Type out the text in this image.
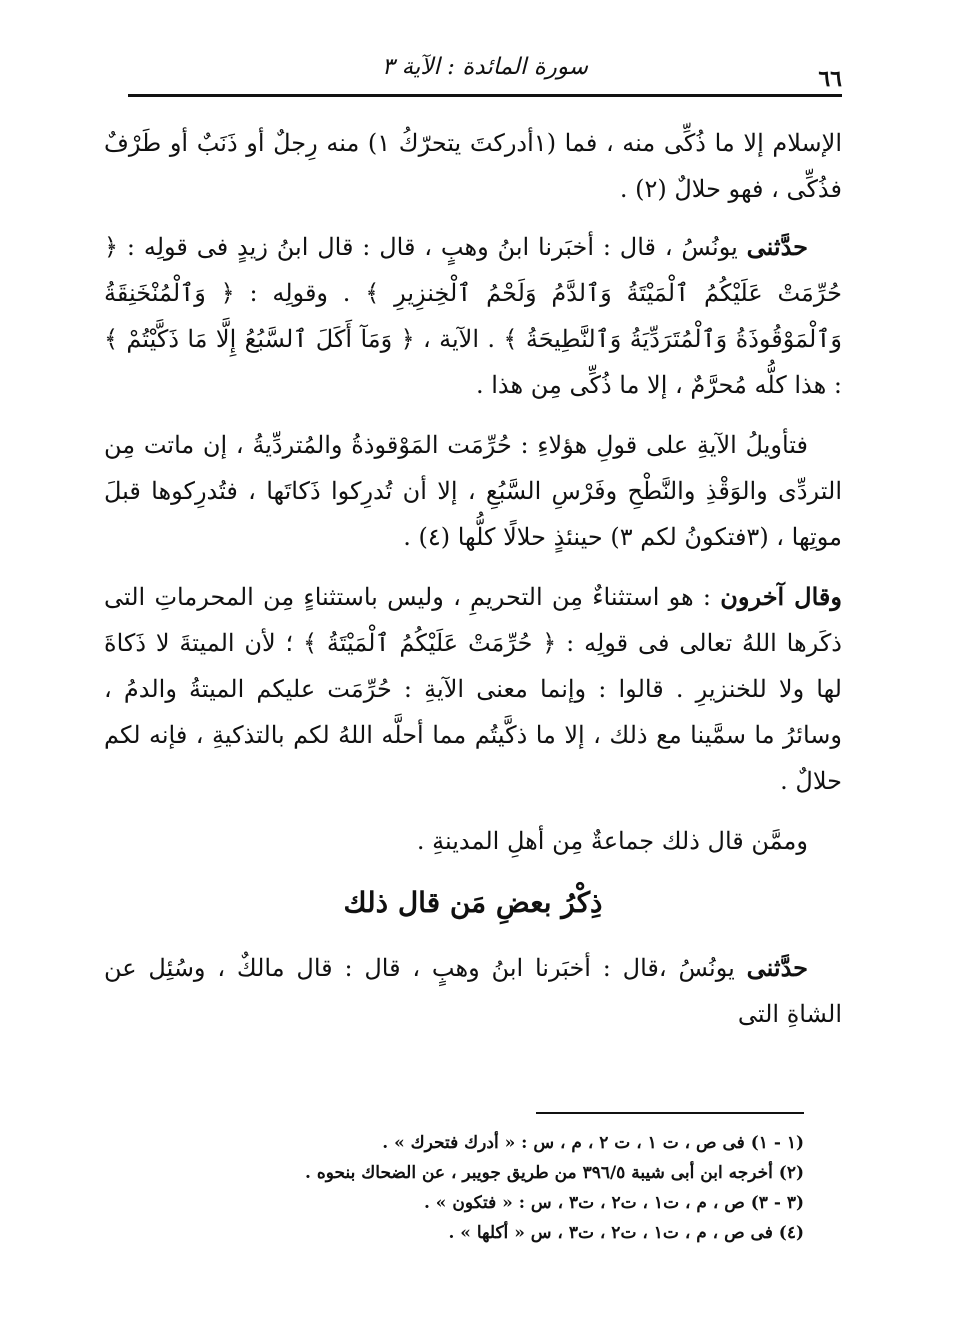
سورة المائدة : الآية ٣	٦٦

الإسلام إلا ما ذُكِّى منه ، فما (١أدركتَ يتحرّكُ ١) منه رِجلٌ أو ذَنَبٌ أو طَرْفٌ فذُكِّى ، فهو حلالٌ (٢) .

حدَّثنى يونُسُ ، قال : أخبَرنا ابنُ وهبٍ ، قال : قال ابنُ زيدٍ فى قولِه : ﴿ حُرِّمَتْ عَلَيْكُمُ ٱلْمَيْتَةُ وَٱلدَّمُ وَلَحْمُ ٱلْخِنزِيرِ ﴾ . وقولِه : ﴿ وَٱلْمُنْخَنِقَةُ وَٱلْمَوْقُوذَةُ وَٱلْمُتَرَدِّيَةُ وَٱلنَّطِيحَةُ ﴾ . الآية ، ﴿ وَمَآ أَكَلَ ٱلسَّبُعُ إِلَّا مَا ذَكَّيْتُمْ ﴾ : هذا كلُّه مُحرَّمٌ ، إلا ما ذُكِّى مِن هذا .

فتأويلُ الآيةِ على قولِ هؤلاءِ : حُرِّمَت المَوْقوذةُ والمُتردِّيةُ ، إن ماتت مِن التردِّى والوَقْذِ والنَّطْحِ وفَرْسِ السَّبُعِ ، إلا أن تُدرِكوا ذَكاتَها ، فتُدرِكوها قبلَ موتِها ، (٣فتكونُ لكم ٣) حينئذٍ حلالًا كلُّها (٤) .

وقال آخرون : هو استثناءٌ مِن التحريمِ ، وليس باستثناءٍ مِن المحرماتِ التى ذكَرها اللهُ تعالى فى قولِه : ﴿ حُرِّمَتْ عَلَيْكُمُ ٱلْمَيْتَةُ ﴾ ؛ لأن الميتةَ لا ذَكاةَ لها ولا للخنزيرِ . قالوا : وإنما معنى الآيةِ : حُرِّمَت عليكم الميتةُ والدمُ ، وسائرُ ما سمَّينا مع ذلك ، إلا ما ذكَّيتُم مما أحلَّه اللهُ لكم بالتذكيةِ ، فإنه لكم حلالٌ .

وممَّن قال ذلك جماعةٌ مِن أهلِ المدينةِ .

ذِكْرُ بعضِ مَن قال ذلك

حدَّثنى يونُسُ ،قال : أخبَرنا ابنُ وهبٍ ، قال : قال مالكٌ ، وسُئِل عن الشاةِ التى

(١ - ١) فى ص ، ت ١ ، ت ٢ ، م ، س : « أدرك فتحرك » .
(٢) أخرجه ابن أبى شيبة ٣٩٦/٥ من طريق جويبر ، عن الضحاك بنحوه .
(٣ - ٣) ص ، م ، ت١ ، ت٢ ، ت٣ ، س : « فتكون » .
(٤) فى ص ، م ، ت١ ، ت٢ ، ت٣ ، س « أكلها » .
